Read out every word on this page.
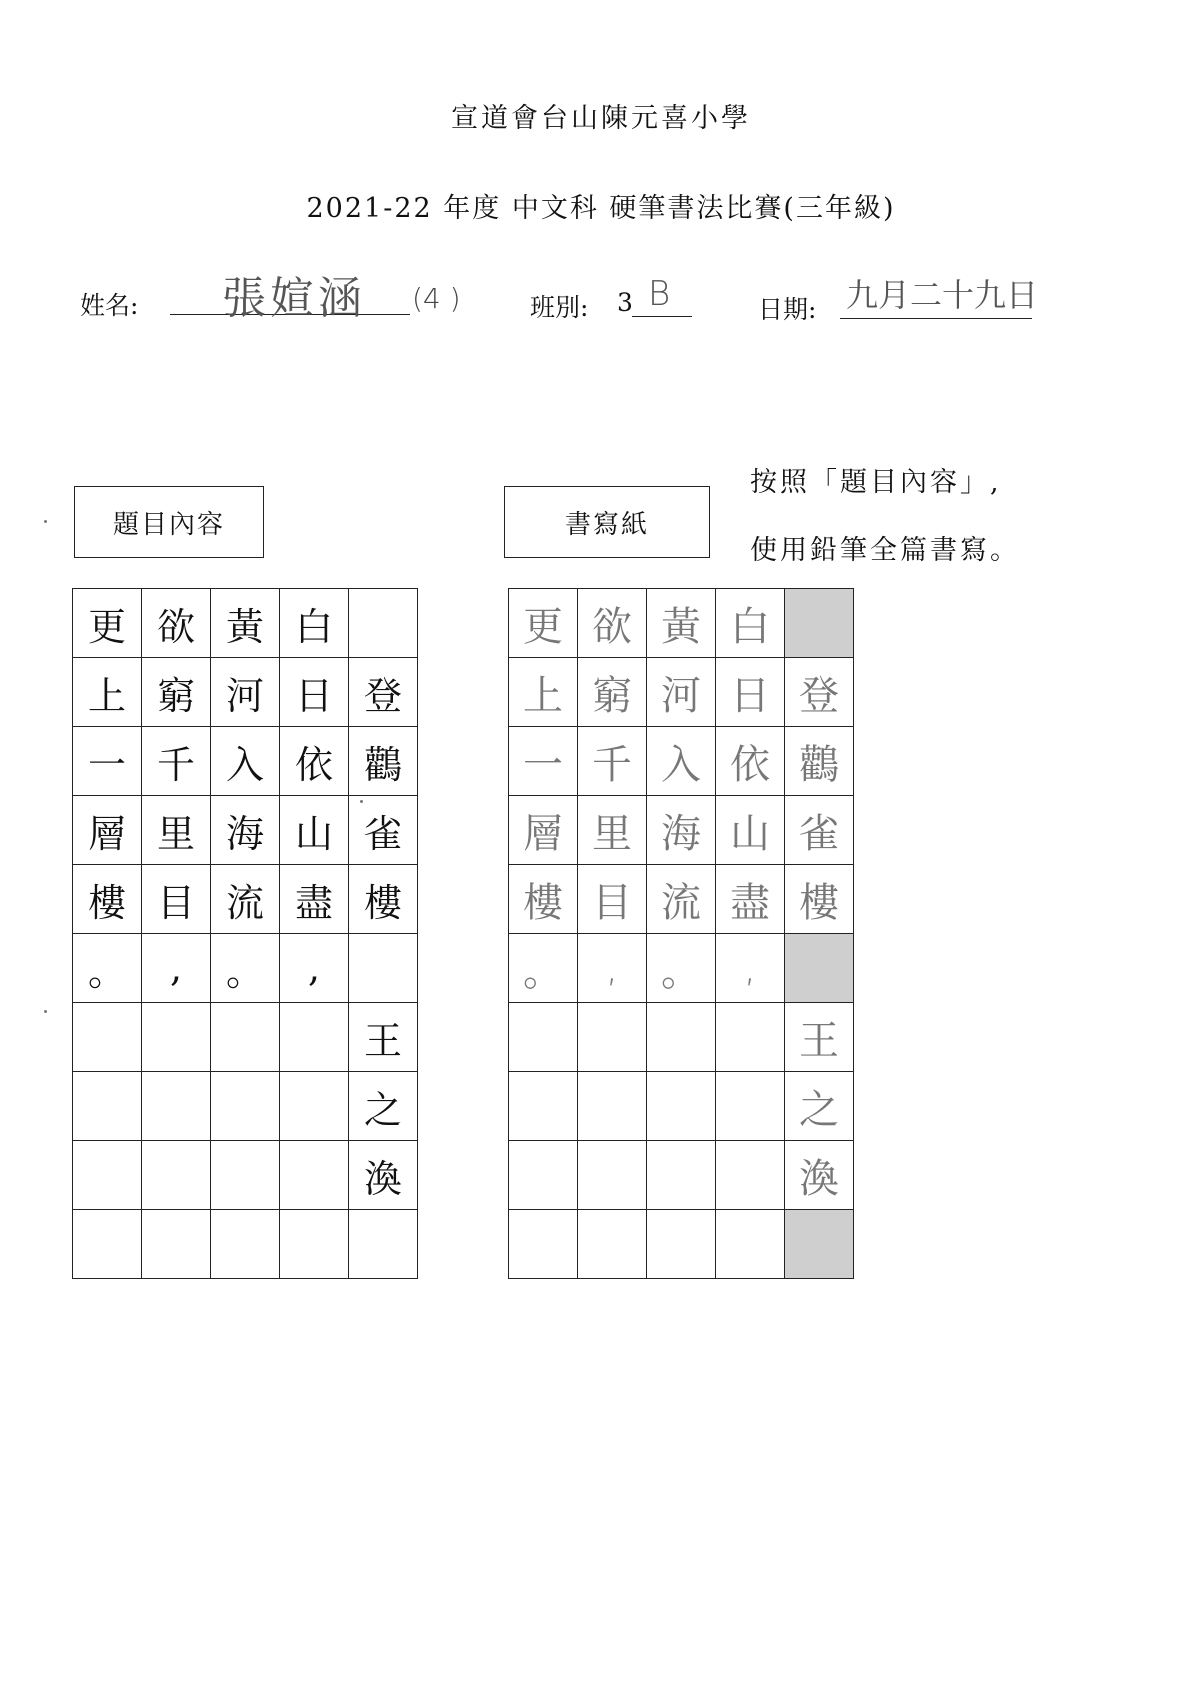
宣道會台山陳元喜小學
2021-22 年度 中文科 硬筆書法比賽(三年級)
姓名: 張媗涵 (4 )	班別: 3 B	日期: 九月二十九日
按照「題目內容」,
使用鉛筆全篇書寫。
題目內容	書寫紙
更	欲	黃	白	
上	窮	河	日	登
一	千	入	依	鸛
層	里	海	山	雀
樓	目	流	盡	樓
。	,	。	,	
				王
				之
				渙

更	欲	黃	白	
上	窮	河	日	登
一	千	入	依	鸛
層	里	海	山	雀
樓	目	流	盡	樓
。	,	。	,	
				王
				之
				渙
